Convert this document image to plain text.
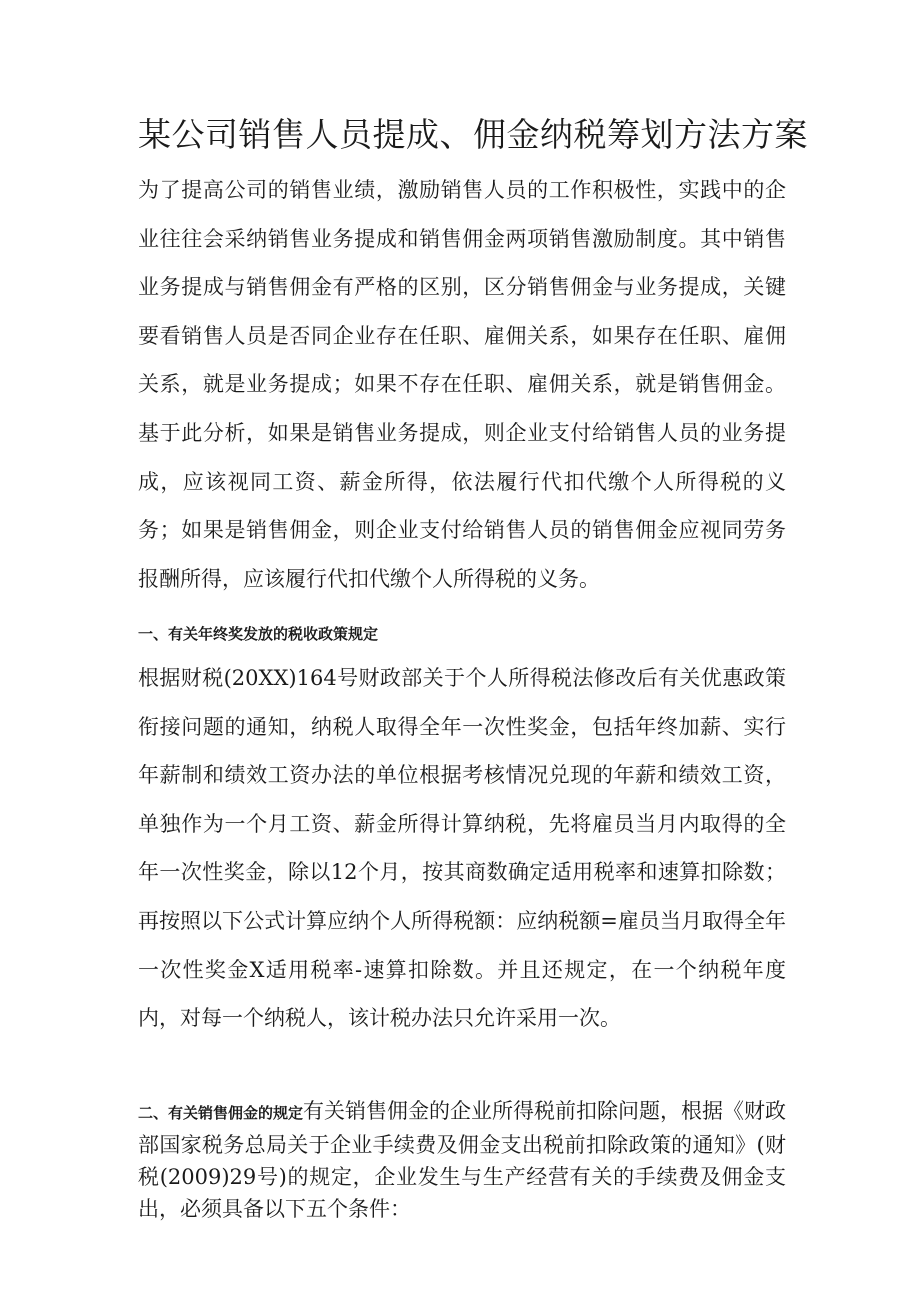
某公司销售人员提成、佣金纳税筹划方法方案

为了提高公司的销售业绩，激励销售人员的工作积极性，实践中的企业往往会采纳销售业务提成和销售佣金两项销售激励制度。其中销售业务提成与销售佣金有严格的区别，区分销售佣金与业务提成，关键要看销售人员是否同企业存在任职、雇佣关系，如果存在任职、雇佣关系，就是业务提成；如果不存在任职、雇佣关系，就是销售佣金。基于此分析，如果是销售业务提成，则企业支付给销售人员的业务提成，应该视同工资、薪金所得，依法履行代扣代缴个人所得税的义务；如果是销售佣金，则企业支付给销售人员的销售佣金应视同劳务报酬所得，应该履行代扣代缴个人所得税的义务。

一、有关年终奖发放的税收政策规定

根据财税(20XX)164号财政部关于个人所得税法修改后有关优惠政策衔接问题的通知，纳税人取得全年一次性奖金，包括年终加薪、实行年薪制和绩效工资办法的单位根据考核情况兑现的年薪和绩效工资，单独作为一个月工资、薪金所得计算纳税，先将雇员当月内取得的全年一次性奖金，除以12个月，按其商数确定适用税率和速算扣除数；再按照以下公式计算应纳个人所得税额：应纳税额=雇员当月取得全年一次性奖金X适用税率-速算扣除数。并且还规定，在一个纳税年度内，对每一个纳税人，该计税办法只允许采用一次。

二、有关销售佣金的规定有关销售佣金的企业所得税前扣除问题，根据《财政部国家税务总局关于企业手续费及佣金支出税前扣除政策的通知》(财税(2009)29号)的规定，企业发生与生产经营有关的手续费及佣金支出，必须具备以下五个条件：
